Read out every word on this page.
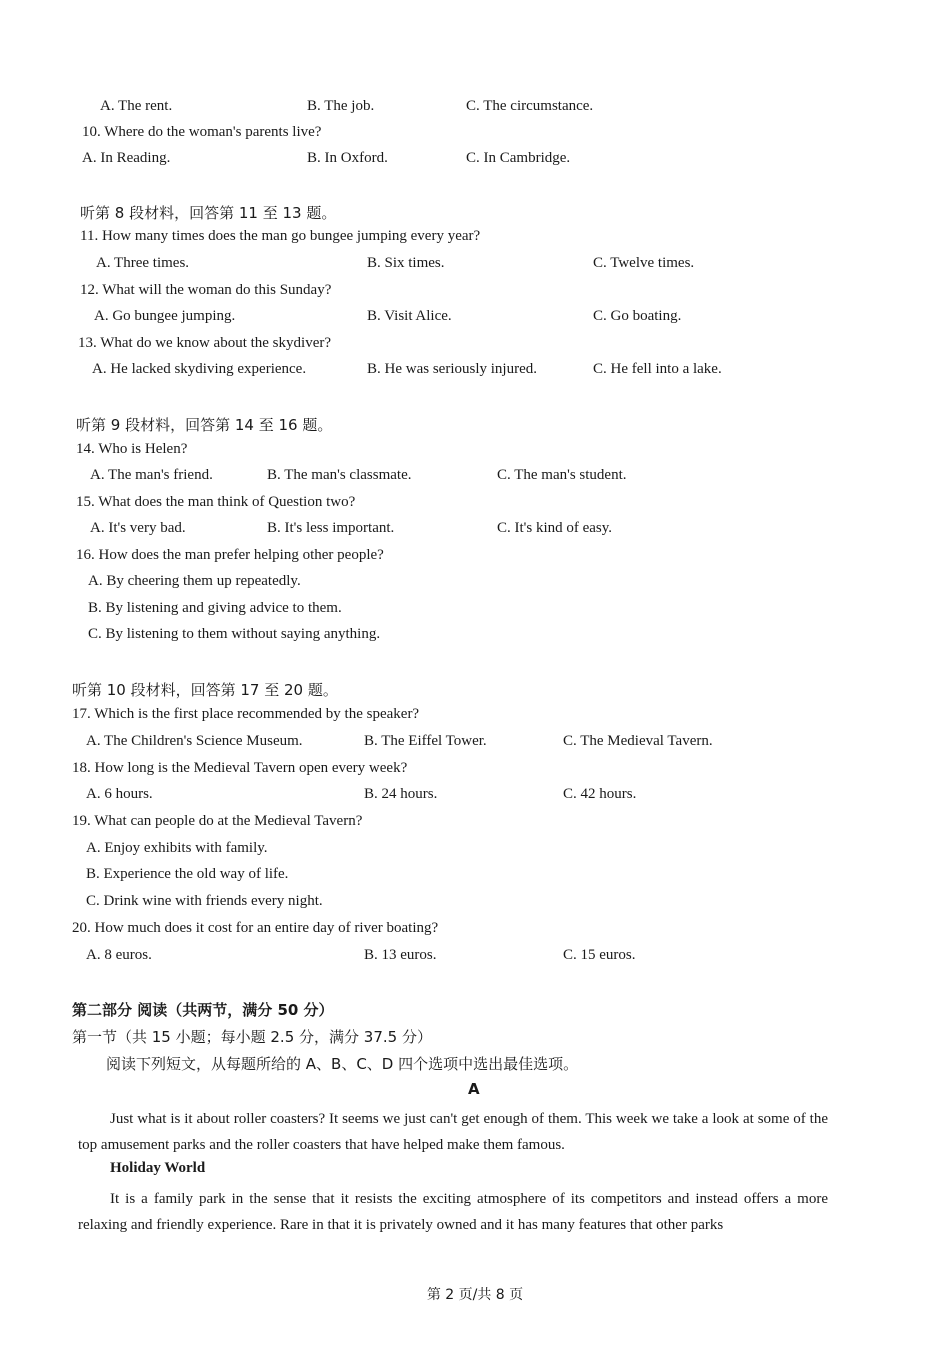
A. The rent.	B. The job.	C. The circumstance.
10. Where do the woman's parents live?
A. In Reading.	B. In Oxford.	C. In Cambridge.
听第 8 段材料，回答第 11 至 13 题。
11. How many times does the man go bungee jumping every year?
A. Three times.	B. Six times.	C. Twelve times.
12. What will the woman do this Sunday?
A. Go bungee jumping.	B. Visit Alice.	C. Go boating.
13. What do we know about the skydiver?
A. He lacked skydiving experience.	B. He was seriously injured.	C. He fell into a lake.
听第 9 段材料，回答第 14 至 16 题。
14. Who is Helen?
A. The man's friend.	B. The man's classmate.	C. The man's student.
15. What does the man think of Question two?
A. It's very bad.	B. It's less important.	C. It's kind of easy.
16. How does the man prefer helping other people?
A. By cheering them up repeatedly.
B. By listening and giving advice to them.
C. By listening to them without saying anything.
听第 10 段材料，回答第 17 至 20 题。
17. Which is the first place recommended by the speaker?
A. The Children's Science Museum.	B. The Eiffel Tower.	C. The Medieval Tavern.
18. How long is the Medieval Tavern open every week?
A. 6 hours.	B. 24 hours.	C. 42 hours.
19. What can people do at the Medieval Tavern?
A. Enjoy exhibits with family.
B. Experience the old way of life.
C. Drink wine with friends every night.
20. How much does it cost for an entire day of river boating?
A. 8 euros.	B. 13 euros.	C. 15 euros.
第二部分 阅读（共两节，满分 50 分）
第一节（共 15 小题；每小题 2.5 分，满分 37.5 分）
阅读下列短文，从每题所给的 A、B、C、D 四个选项中选出最佳选项。
A
Just what is it about roller coasters? It seems we just can't get enough of them. This week we take a look at some of the top amusement parks and the roller coasters that have helped make them famous.
Holiday World
It is a family park in the sense that it resists the exciting atmosphere of its competitors and instead offers a more relaxing and friendly experience. Rare in that it is privately owned and it has many features that other parks
第 2 页/共 8 页
